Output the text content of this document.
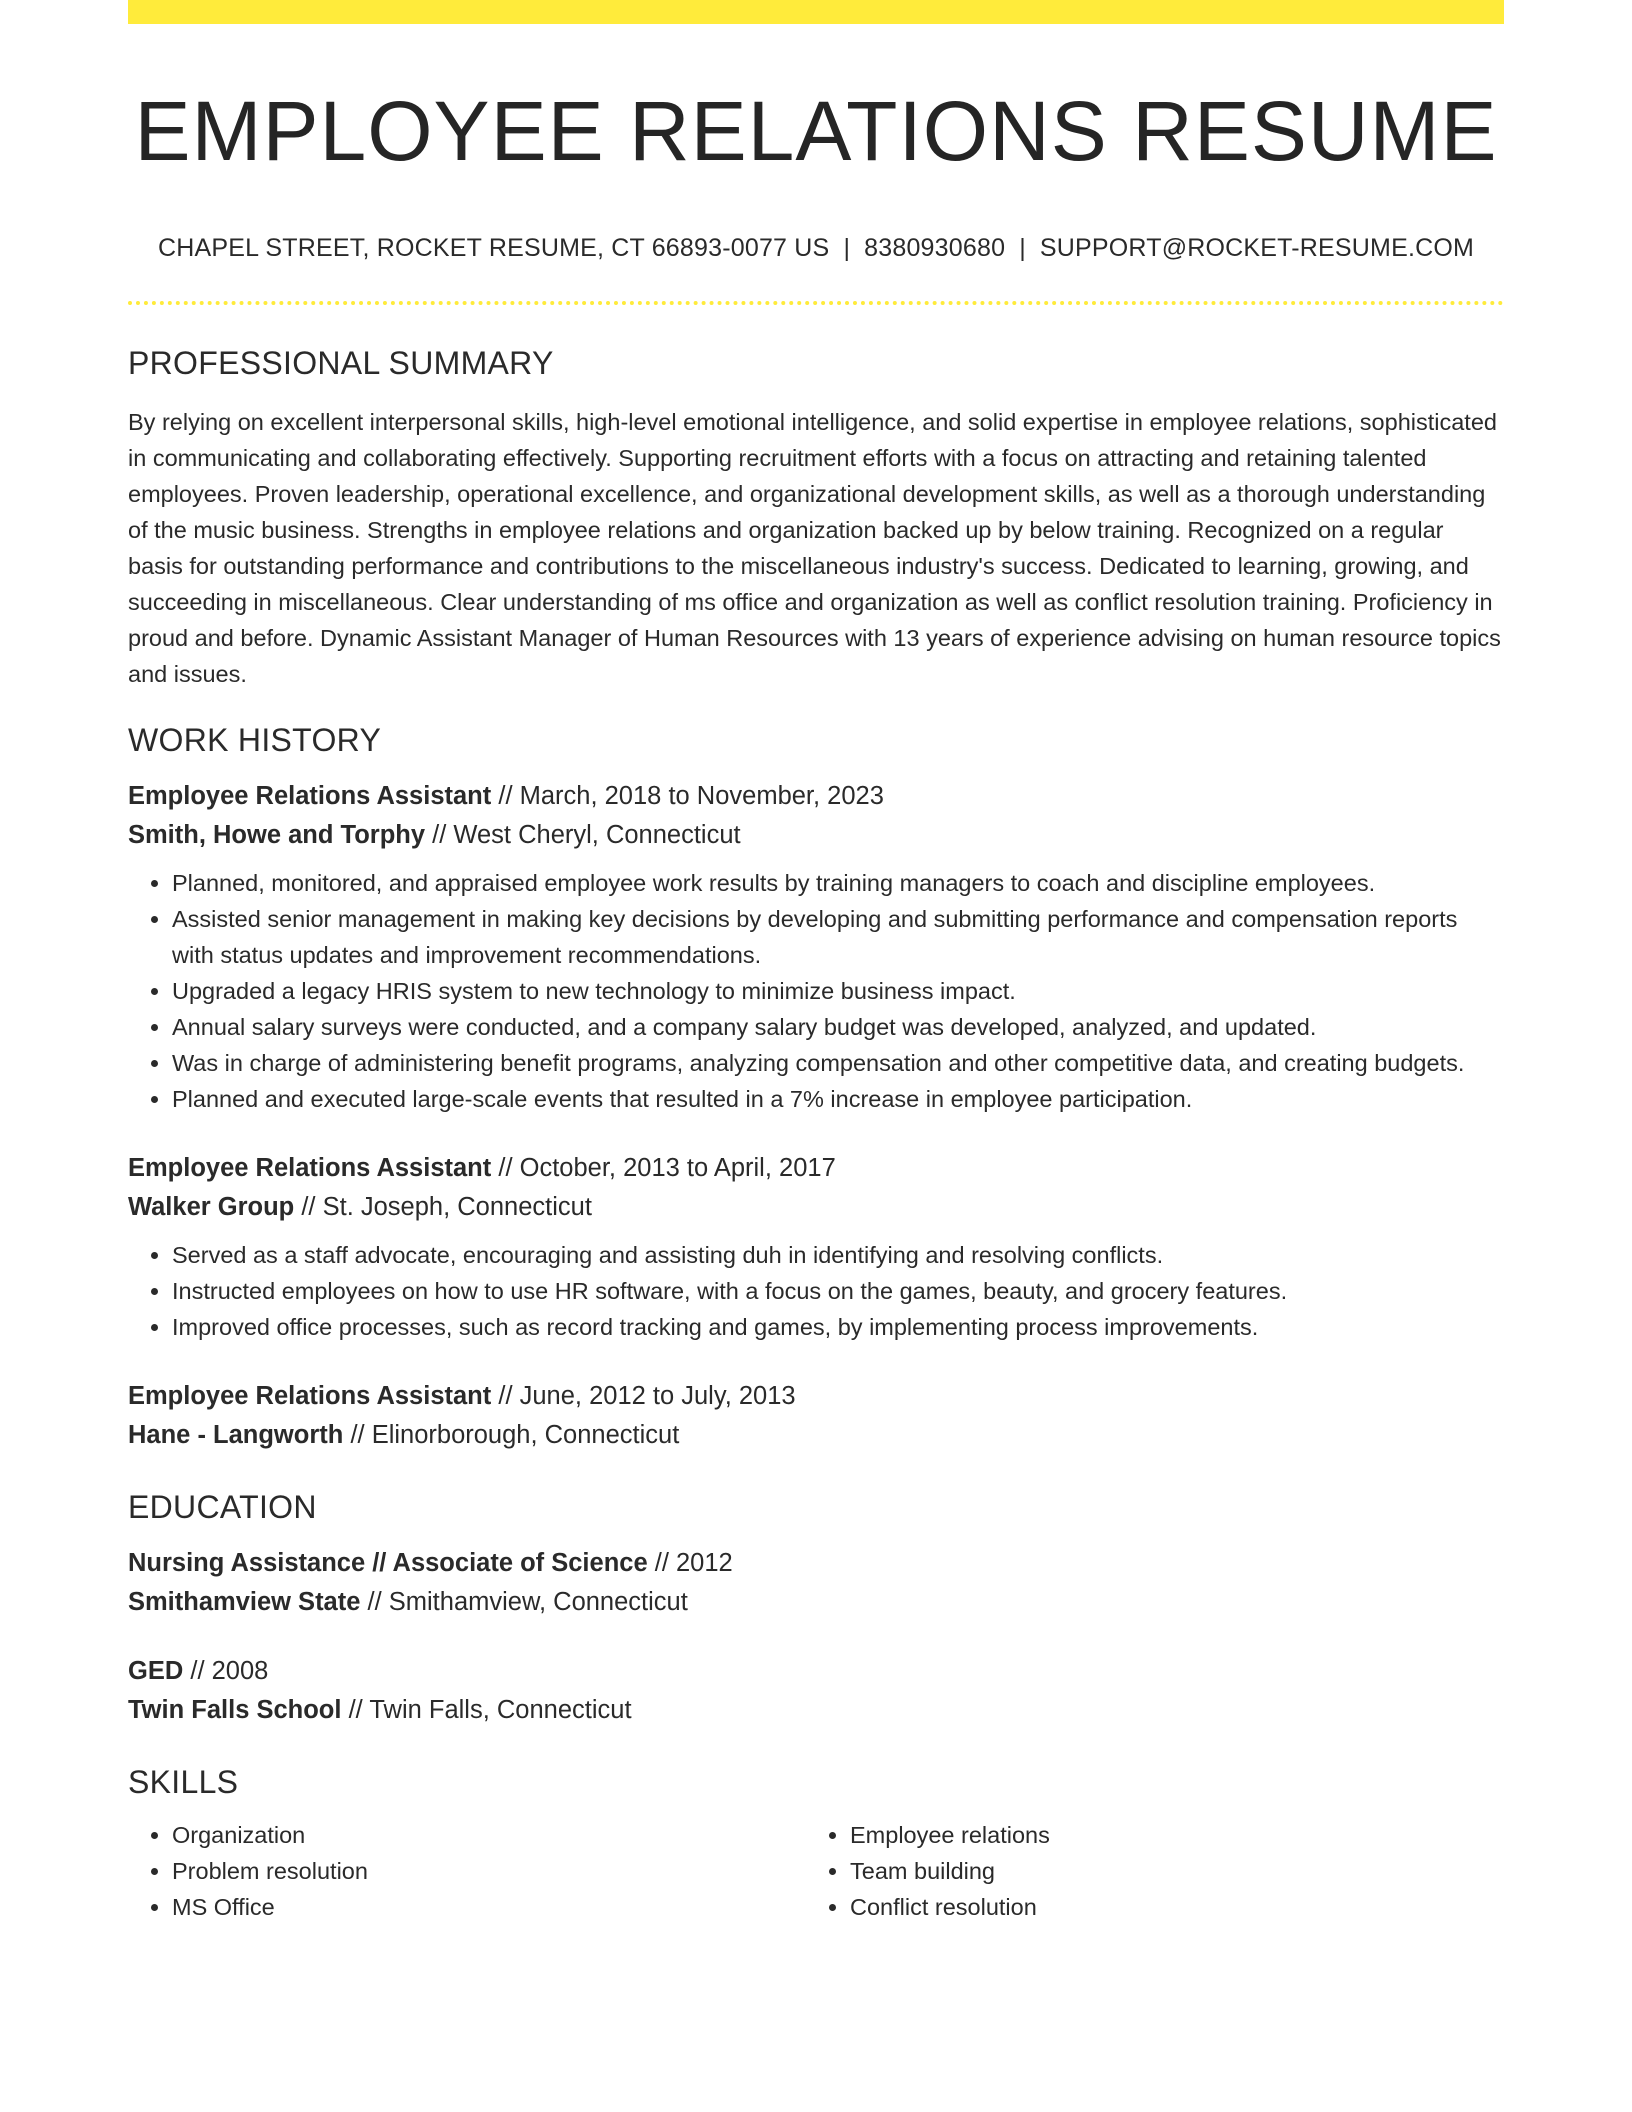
EMPLOYEE RELATIONS RESUME
CHAPEL STREET, ROCKET RESUME, CT 66893-0077 US | 8380930680 | SUPPORT@ROCKET-RESUME.COM
PROFESSIONAL SUMMARY

By relying on excellent interpersonal skills, high-level emotional intelligence, and solid expertise in employee relations, sophisticated in communicating and collaborating effectively. Supporting recruitment efforts with a focus on attracting and retaining talented employees. Proven leadership, operational excellence, and organizational development skills, as well as a thorough understanding of the music business. Strengths in employee relations and organization backed up by below training. Recognized on a regular basis for outstanding performance and contributions to the miscellaneous industry's success. Dedicated to learning, growing, and succeeding in miscellaneous. Clear understanding of ms office and organization as well as conflict resolution training. Proficiency in proud and before. Dynamic Assistant Manager of Human Resources with 13 years of experience advising on human resource topics and issues.

WORK HISTORY
Employee Relations Assistant // March, 2018 to November, 2023
Smith, Howe and Torphy // West Cheryl, Connecticut
• Planned, monitored, and appraised employee work results by training managers to coach and discipline employees.
• Assisted senior management in making key decisions by developing and submitting performance and compensation reports with status updates and improvement recommendations.
• Upgraded a legacy HRIS system to new technology to minimize business impact.
• Annual salary surveys were conducted, and a company salary budget was developed, analyzed, and updated.
• Was in charge of administering benefit programs, analyzing compensation and other competitive data, and creating budgets.
• Planned and executed large-scale events that resulted in a 7% increase in employee participation.
Employee Relations Assistant // October, 2013 to April, 2017
Walker Group // St. Joseph, Connecticut
• Served as a staff advocate, encouraging and assisting duh in identifying and resolving conflicts.
• Instructed employees on how to use HR software, with a focus on the games, beauty, and grocery features.
• Improved office processes, such as record tracking and games, by implementing process improvements.
Employee Relations Assistant // June, 2012 to July, 2013
Hane - Langworth // Elinorborough, Connecticut
EDUCATION
Nursing Assistance // Associate of Science // 2012
Smithamview State // Smithamview, Connecticut
GED // 2008
Twin Falls School // Twin Falls, Connecticut
SKILLS
• Organization
• Problem resolution
• MS Office
• Employee relations
• Team building
• Conflict resolution
